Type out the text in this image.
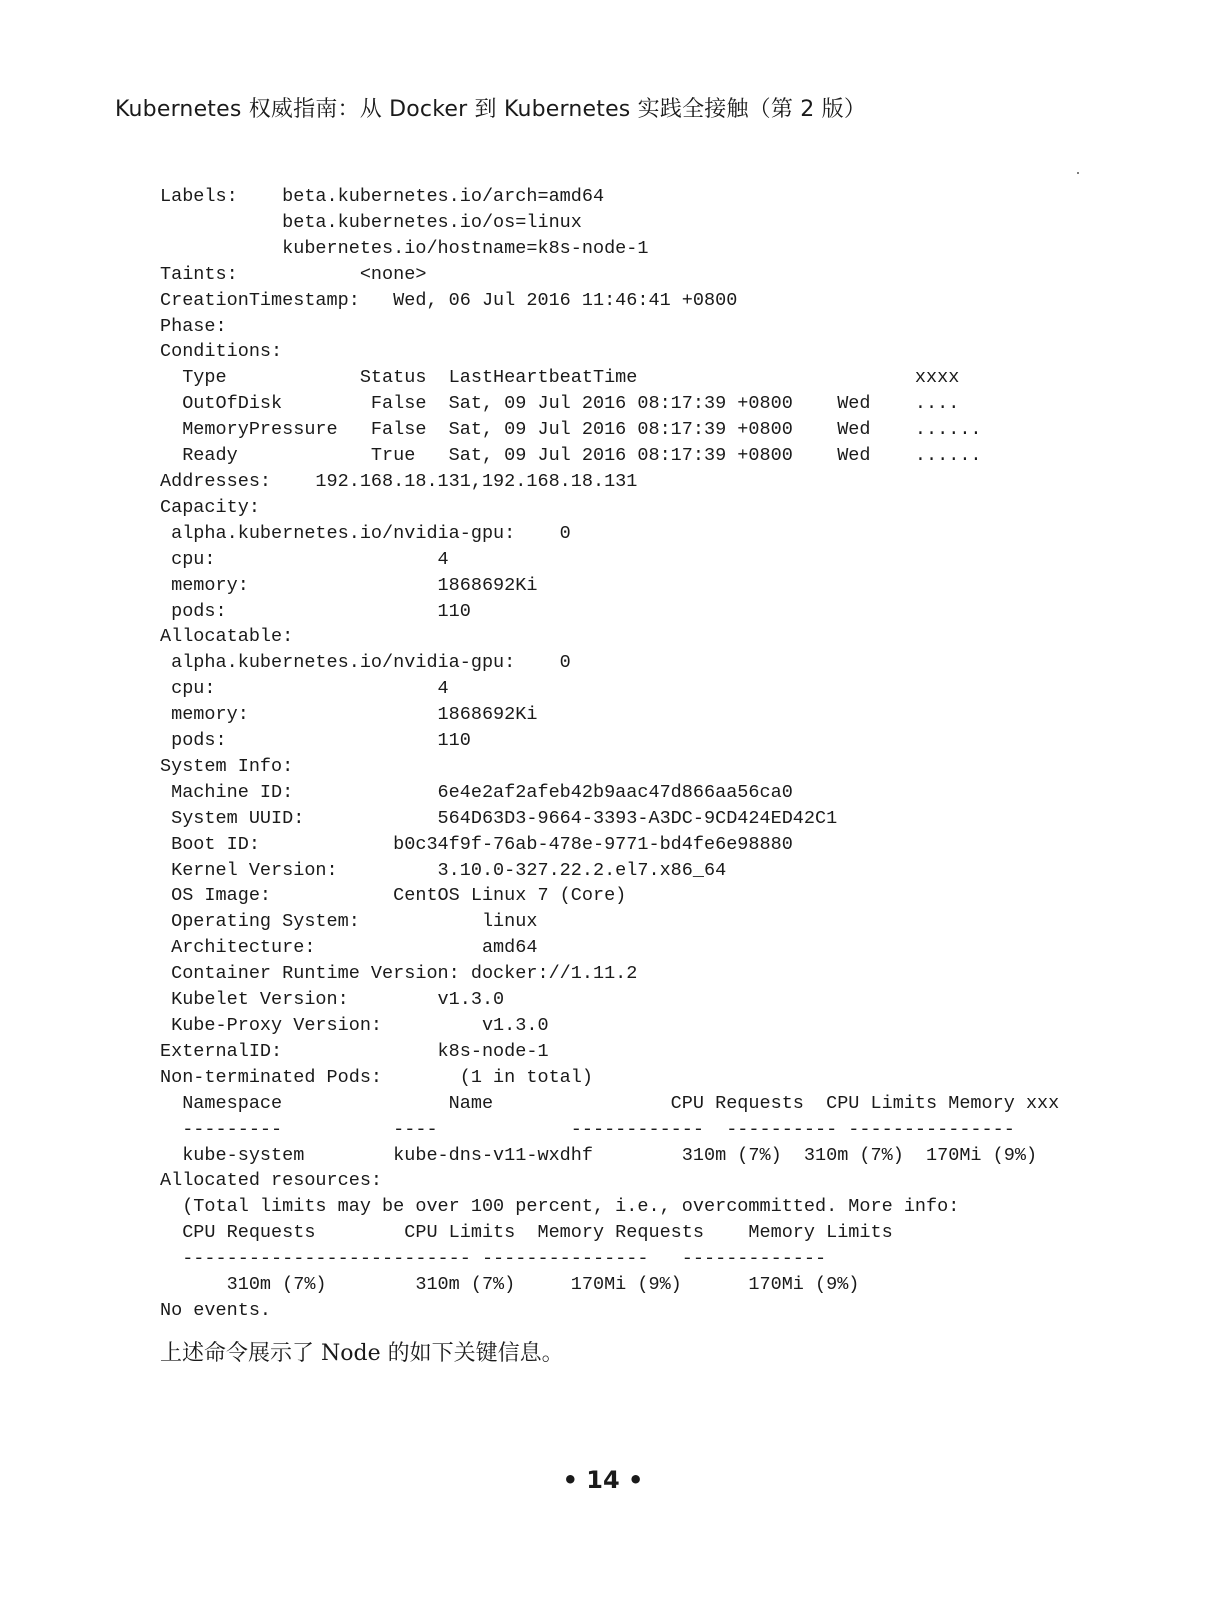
Kubernetes 权威指南：从 Docker 到 Kubernetes 实践全接触（第 2 版）
Labels:    beta.kubernetes.io/arch=amd64
beta.kubernetes.io/os=linux
kubernetes.io/hostname=k8s-node-1
Taints:           <none>
CreationTimestamp:   Wed, 06 Jul 2016 11:46:41 +0800
Phase:
Conditions:
Type            Status  LastHeartbeatTime                         xxxx
OutOfDisk        False  Sat, 09 Jul 2016 08:17:39 +0800    Wed    ....
MemoryPressure   False  Sat, 09 Jul 2016 08:17:39 +0800    Wed    ......
Ready            True   Sat, 09 Jul 2016 08:17:39 +0800    Wed    ......
Addresses:    192.168.18.131,192.168.18.131
Capacity:
alpha.kubernetes.io/nvidia-gpu:    0
cpu:                    4
memory:                 1868692Ki
pods:                   110
Allocatable:
alpha.kubernetes.io/nvidia-gpu:    0
cpu:                    4
memory:                 1868692Ki
pods:                   110
System Info:
Machine ID:             6e4e2af2afeb42b9aac47d866aa56ca0
System UUID:            564D63D3-9664-3393-A3DC-9CD424ED42C1
Boot ID:            b0c34f9f-76ab-478e-9771-bd4fe6e98880
Kernel Version:         3.10.0-327.22.2.el7.x86_64
OS Image:           CentOS Linux 7 (Core)
Operating System:           linux
Architecture:               amd64
Container Runtime Version: docker://1.11.2
Kubelet Version:        v1.3.0
Kube-Proxy Version:         v1.3.0
ExternalID:              k8s-node-1
Non-terminated Pods:       (1 in total)
Namespace               Name                CPU Requests  CPU Limits Memory xxx
---------          ----            ------------  ---------- ---------------
kube-system        kube-dns-v11-wxdhf        310m (7%)  310m (7%)  170Mi (9%)
Allocated resources:
(Total limits may be over 100 percent, i.e., overcommitted. More info:
CPU Requests        CPU Limits  Memory Requests    Memory Limits
-------------------------- ---------------   -------------
310m (7%)        310m (7%)     170Mi (9%)      170Mi (9%)
No events.
上述命令展示了 Node 的如下关键信息。
• 14 •
